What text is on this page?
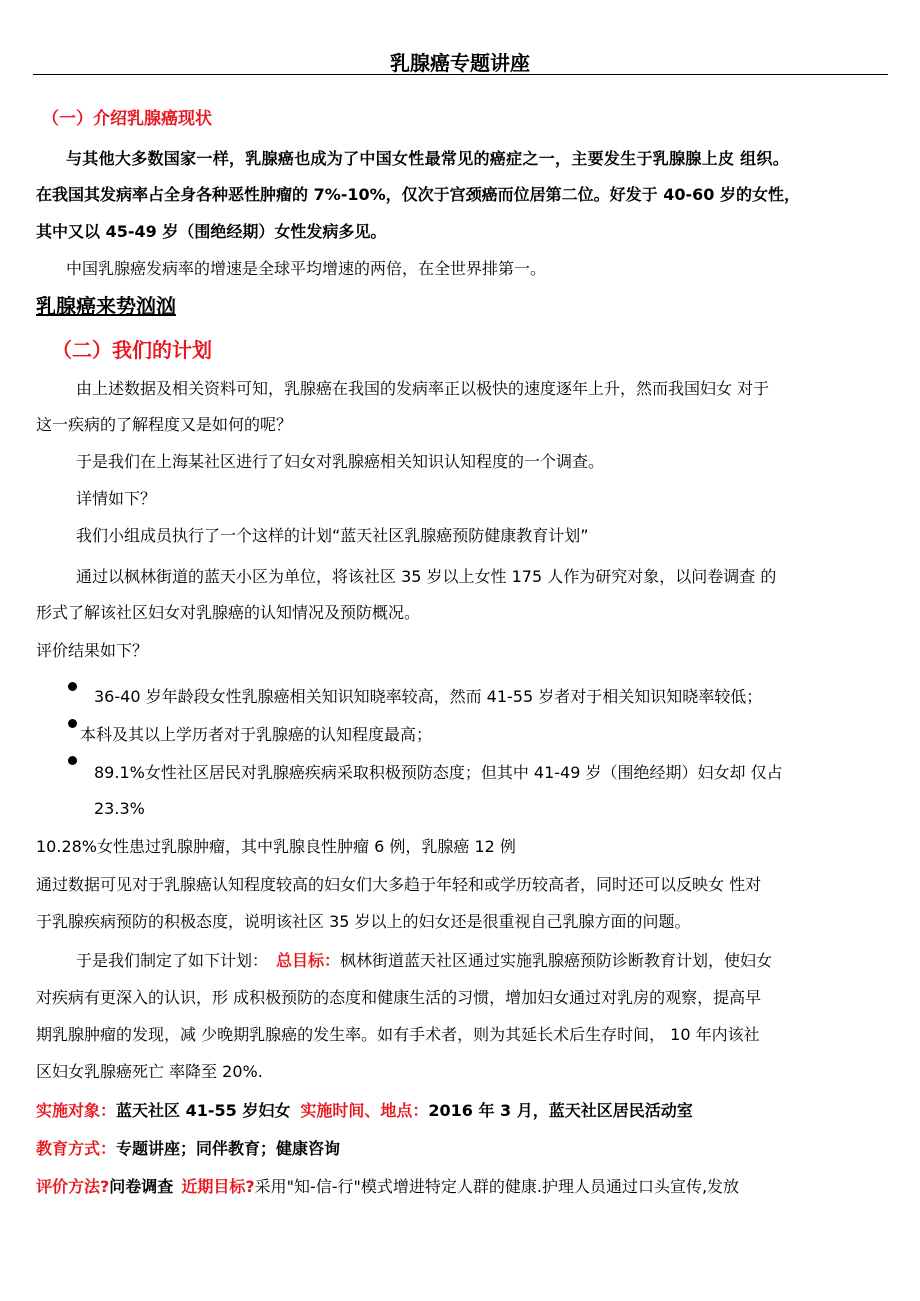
乳腺癌专题讲座
（一）介绍乳腺癌现状
与其他大多数国家一样，乳腺癌也成为了中国女性最常见的癌症之一，主要发生于乳腺腺上皮 组织。
在我国其发病率占全身各种恶性肿瘤的 7%-10%，仅次于宫颈癌而位居第二位。好发于 40-60 岁的女性，
其中又以 45-49 岁（围绝经期）女性发病多见。
中国乳腺癌发病率的增速是全球平均增速的两倍，在全世界排第一。
乳腺癌来势汹汹
（二）我们的计划
由上述数据及相关资料可知，乳腺癌在我国的发病率正以极快的速度逐年上升，然而我国妇女 对于
这一疾病的了解程度又是如何的呢？
于是我们在上海某社区进行了妇女对乳腺癌相关知识认知程度的一个调查。
详情如下？
我们小组成员执行了一个这样的计划“蓝天社区乳腺癌预防健康教育计划”
通过以枫林街道的蓝天小区为单位，将该社区 35 岁以上女性 175 人作为研究对象，以问卷调查 的
形式了解该社区妇女对乳腺癌的认知情况及预防概况。
评价结果如下？
36-40 岁年龄段女性乳腺癌相关知识知晓率较高，然而 41-55 岁者对于相关知识知晓率较低；
本科及其以上学历者对于乳腺癌的认知程度最高；
89.1%女性社区居民对乳腺癌疾病采取积极预防态度；但其中 41-49 岁（围绝经期）妇女却 仅占
23.3%
10.28%女性患过乳腺肿瘤，其中乳腺良性肿瘤 6 例，乳腺癌 12 例
通过数据可见对于乳腺癌认知程度较高的妇女们大多趋于年轻和或学历较高者，同时还可以反映女 性对
于乳腺疾病预防的积极态度，说明该社区 35 岁以上的妇女还是很重视自己乳腺方面的问题。
于是我们制定了如下计划： 总目标：枫林街道蓝天社区通过实施乳腺癌预防诊断教育计划，使妇女
对疾病有更深入的认识，形 成积极预防的态度和健康生活的习惯，增加妇女通过对乳房的观察，提高早
期乳腺肿瘤的发现，减 少晚期乳腺癌的发生率。如有手术者，则为其延长术后生存时间， 10 年内该社
区妇女乳腺癌死亡 率降至 20%.
实施对象：蓝天社区 41-55 岁妇女 实施时间、地点：2016 年 3 月，蓝天社区居民活动室
教育方式：专题讲座；同伴教育；健康咨询
评价方法?问卷调查 近期目标?采用"知-信-行"模式增进特定人群的健康.护理人员通过口头宣传,发放
